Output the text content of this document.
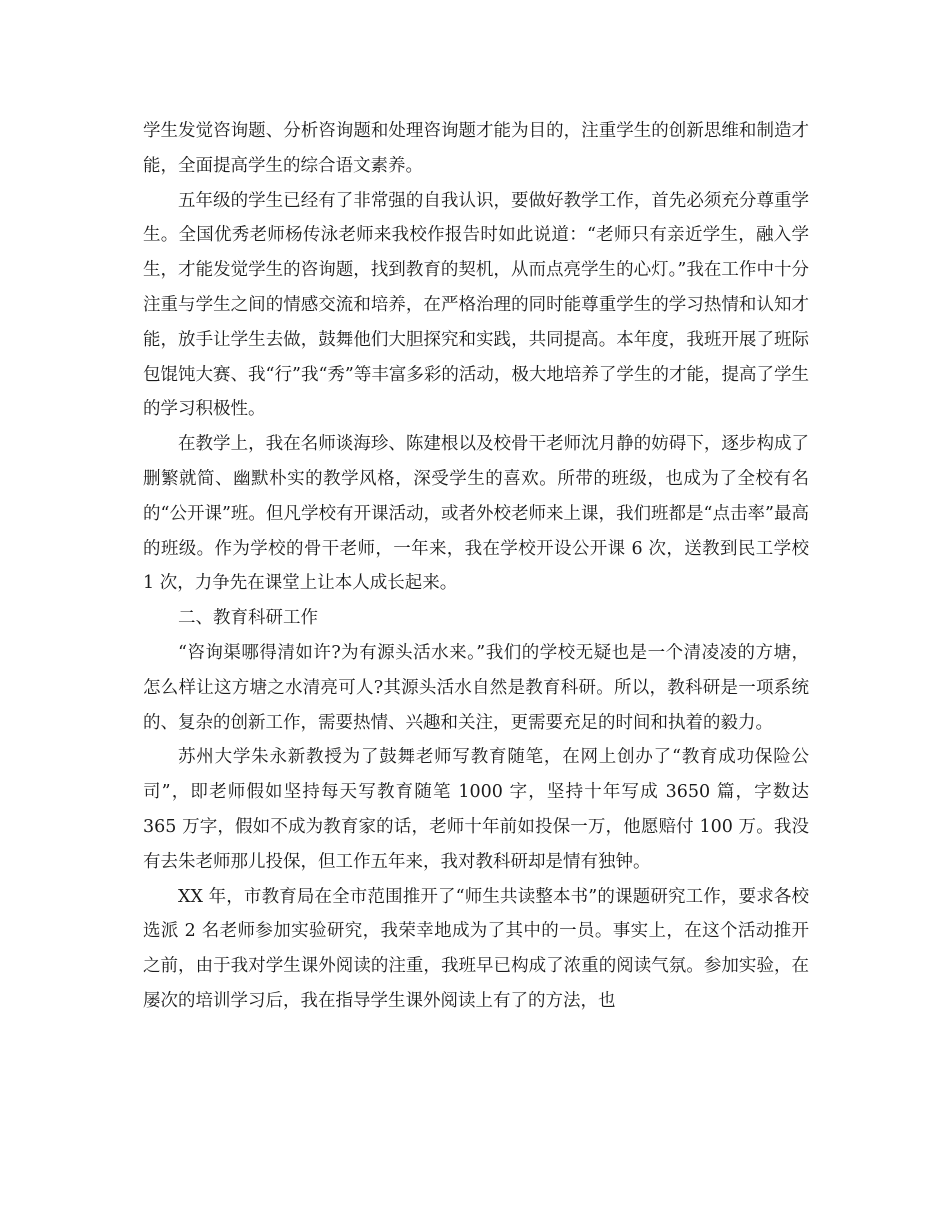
学生发觉咨询题、分析咨询题和处理咨询题才能为目的，注重学生的创新思维和制造才能，全面提高学生的综合语文素养。

五年级的学生已经有了非常强的自我认识，要做好教学工作，首先必须充分尊重学生。全国优秀老师杨传泳老师来我校作报告时如此说道：“老师只有亲近学生，融入学生，才能发觉学生的咨询题，找到教育的契机，从而点亮学生的心灯。”我在工作中十分注重与学生之间的情感交流和培养，在严格治理的同时能尊重学生的学习热情和认知才能，放手让学生去做，鼓舞他们大胆探究和实践，共同提高。本年度，我班开展了班际包馄饨大赛、我“行”我“秀”等丰富多彩的活动，极大地培养了学生的才能，提高了学生的学习积极性。

在教学上，我在名师谈海珍、陈建根以及校骨干老师沈月静的妨碍下，逐步构成了删繁就简、幽默朴实的教学风格，深受学生的喜欢。所带的班级，也成为了全校有名的“公开课”班。但凡学校有开课活动，或者外校老师来上课，我们班都是“点击率”最高的班级。作为学校的骨干老师，一年来，我在学校开设公开课 6 次，送教到民工学校 1 次，力争先在课堂上让本人成长起来。

二、教育科研工作

“咨询渠哪得清如许?为有源头活水来。”我们的学校无疑也是一个清凌凌的方塘，怎么样让这方塘之水清亮可人?其源头活水自然是教育科研。所以，教科研是一项系统的、复杂的创新工作，需要热情、兴趣和关注，更需要充足的时间和执着的毅力。

苏州大学朱永新教授为了鼓舞老师写教育随笔，在网上创办了“教育成功保险公司”，即老师假如坚持每天写教育随笔 1000 字，坚持十年写成 3650 篇，字数达 365 万字，假如不成为教育家的话，老师十年前如投保一万，他愿赔付 100 万。我没有去朱老师那儿投保，但工作五年来，我对教科研却是情有独钟。

XX 年，市教育局在全市范围推开了“师生共读整本书”的课题研究工作，要求各校选派 2 名老师参加实验研究，我荣幸地成为了其中的一员。事实上，在这个活动推开之前，由于我对学生课外阅读的注重，我班早已构成了浓重的阅读气氛。参加实验，在屡次的培训学习后，我在指导学生课外阅读上有了的方法，也
